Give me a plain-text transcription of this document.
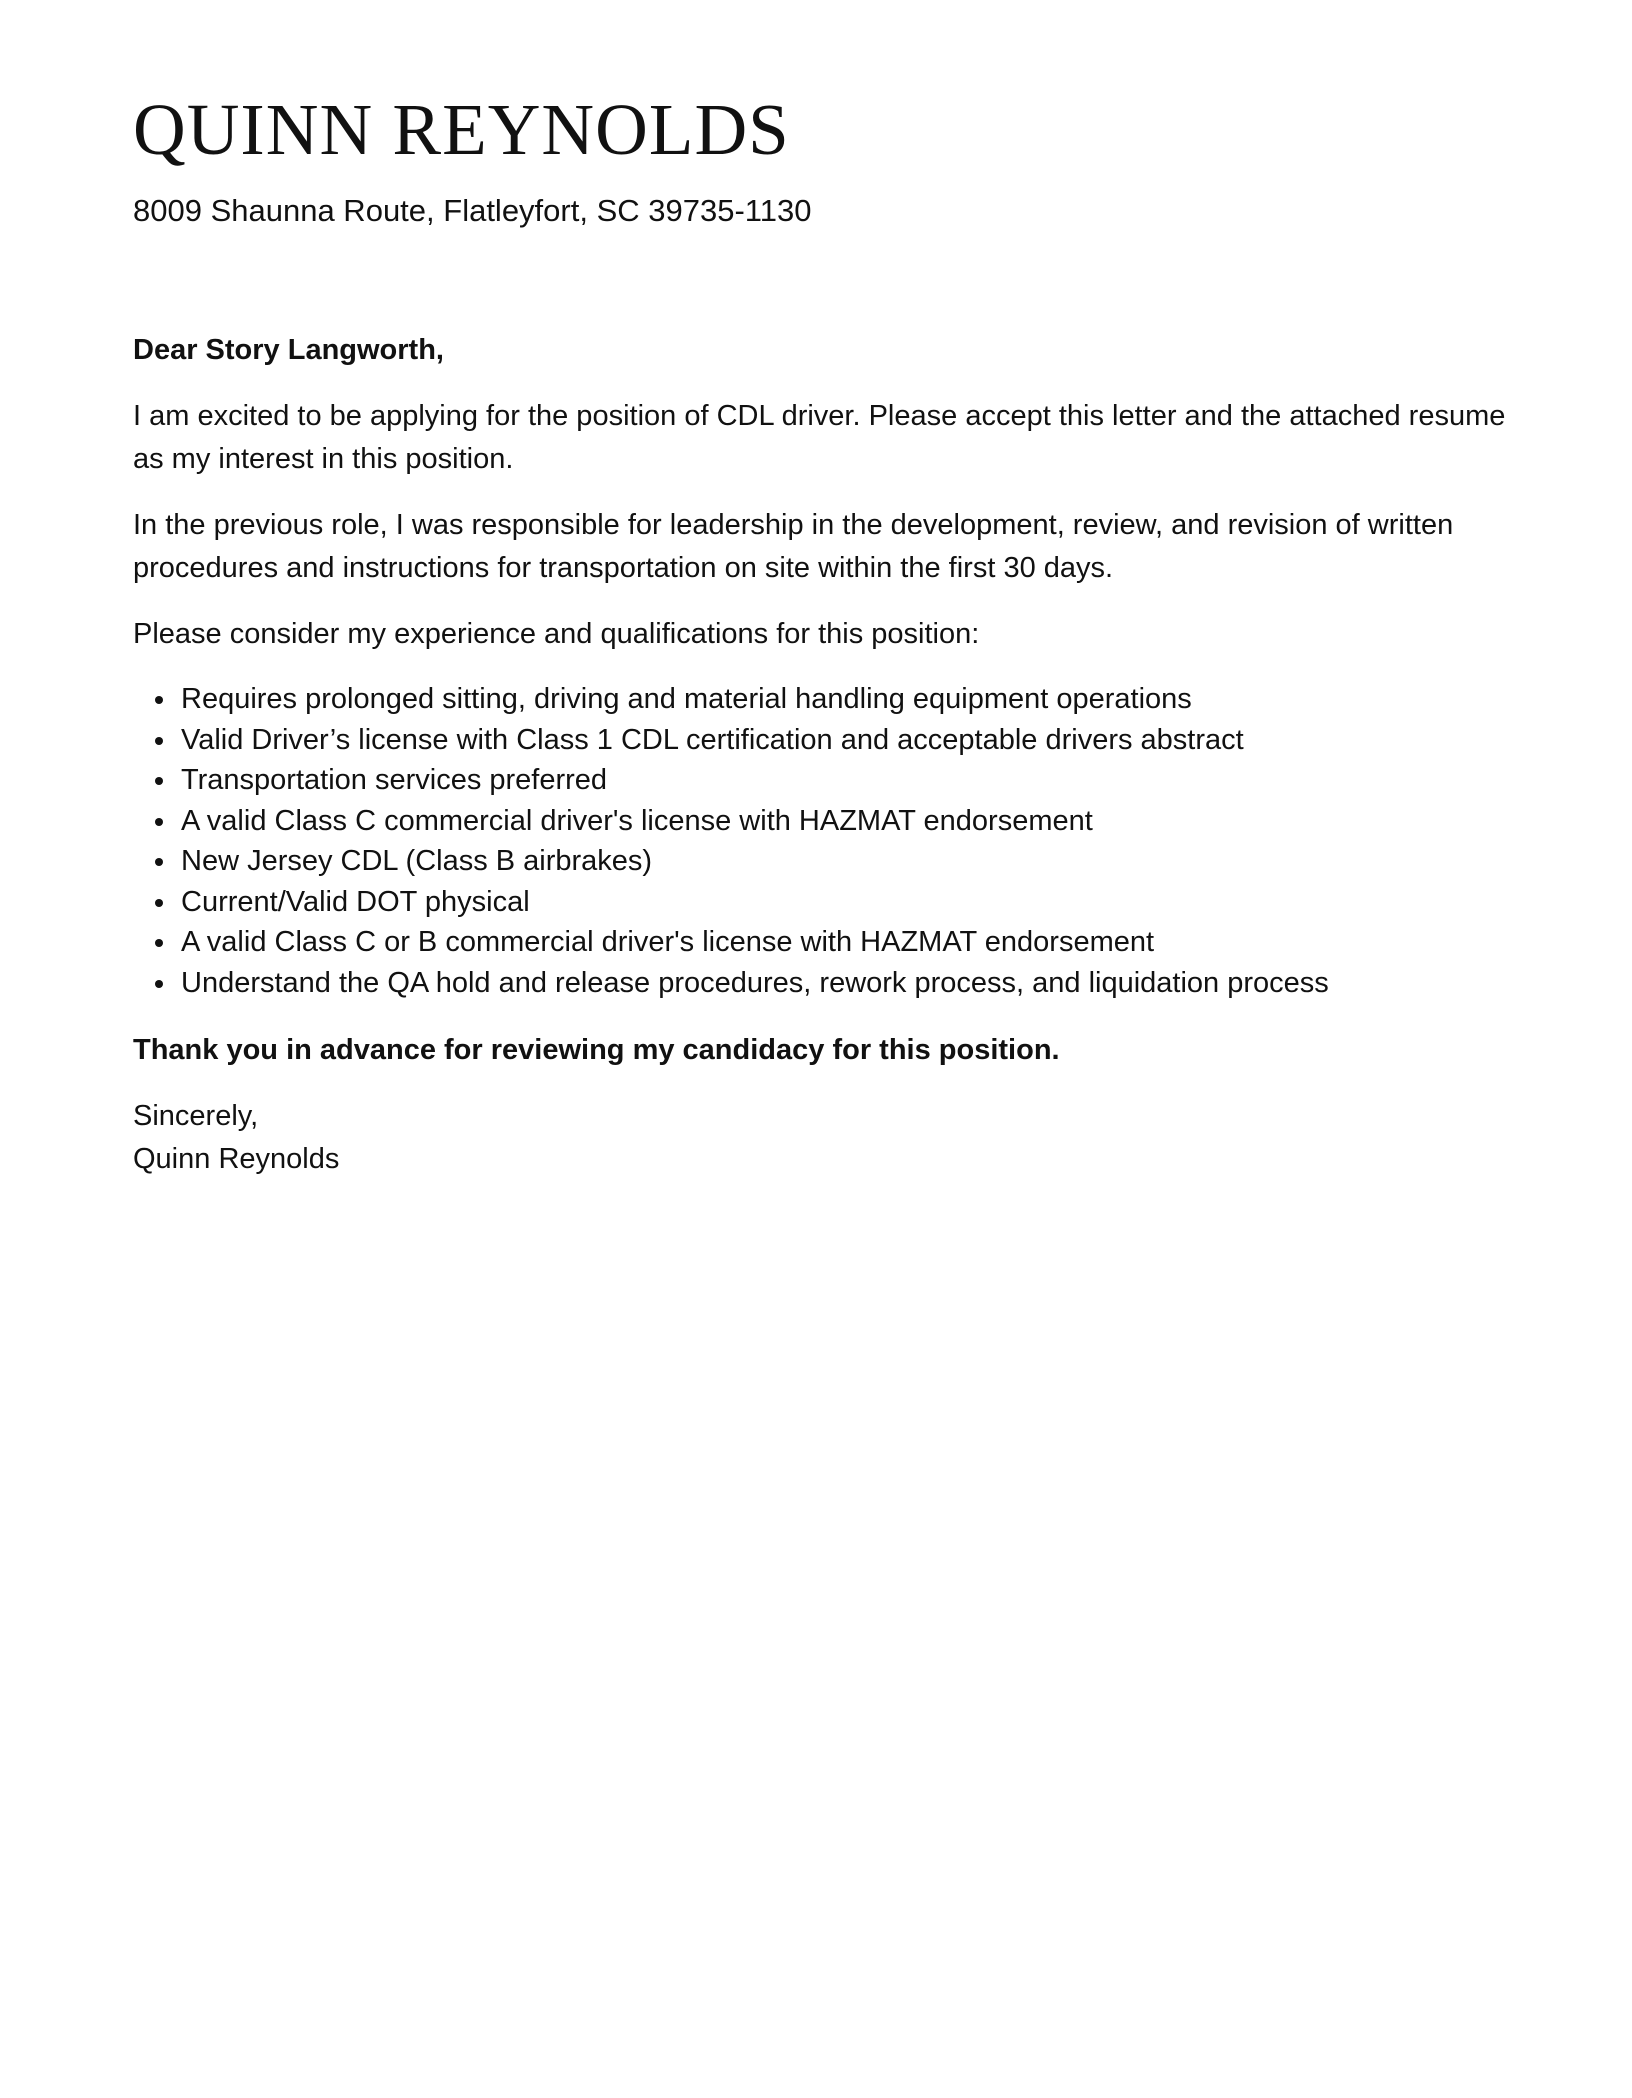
QUINN REYNOLDS
8009 Shaunna Route, Flatleyfort, SC 39735-1130

Dear Story Langworth,

I am excited to be applying for the position of CDL driver. Please accept this letter and the attached resume as my interest in this position.

In the previous role, I was responsible for leadership in the development, review, and revision of written procedures and instructions for transportation on site within the first 30 days.

Please consider my experience and qualifications for this position:

Requires prolonged sitting, driving and material handling equipment operations
Valid Driver’s license with Class 1 CDL certification and acceptable drivers abstract
Transportation services preferred
A valid Class C commercial driver's license with HAZMAT endorsement
New Jersey CDL (Class B airbrakes)
Current/Valid DOT physical
A valid Class C or B commercial driver's license with HAZMAT endorsement
Understand the QA hold and release procedures, rework process, and liquidation process

Thank you in advance for reviewing my candidacy for this position.

Sincerely,
Quinn Reynolds
